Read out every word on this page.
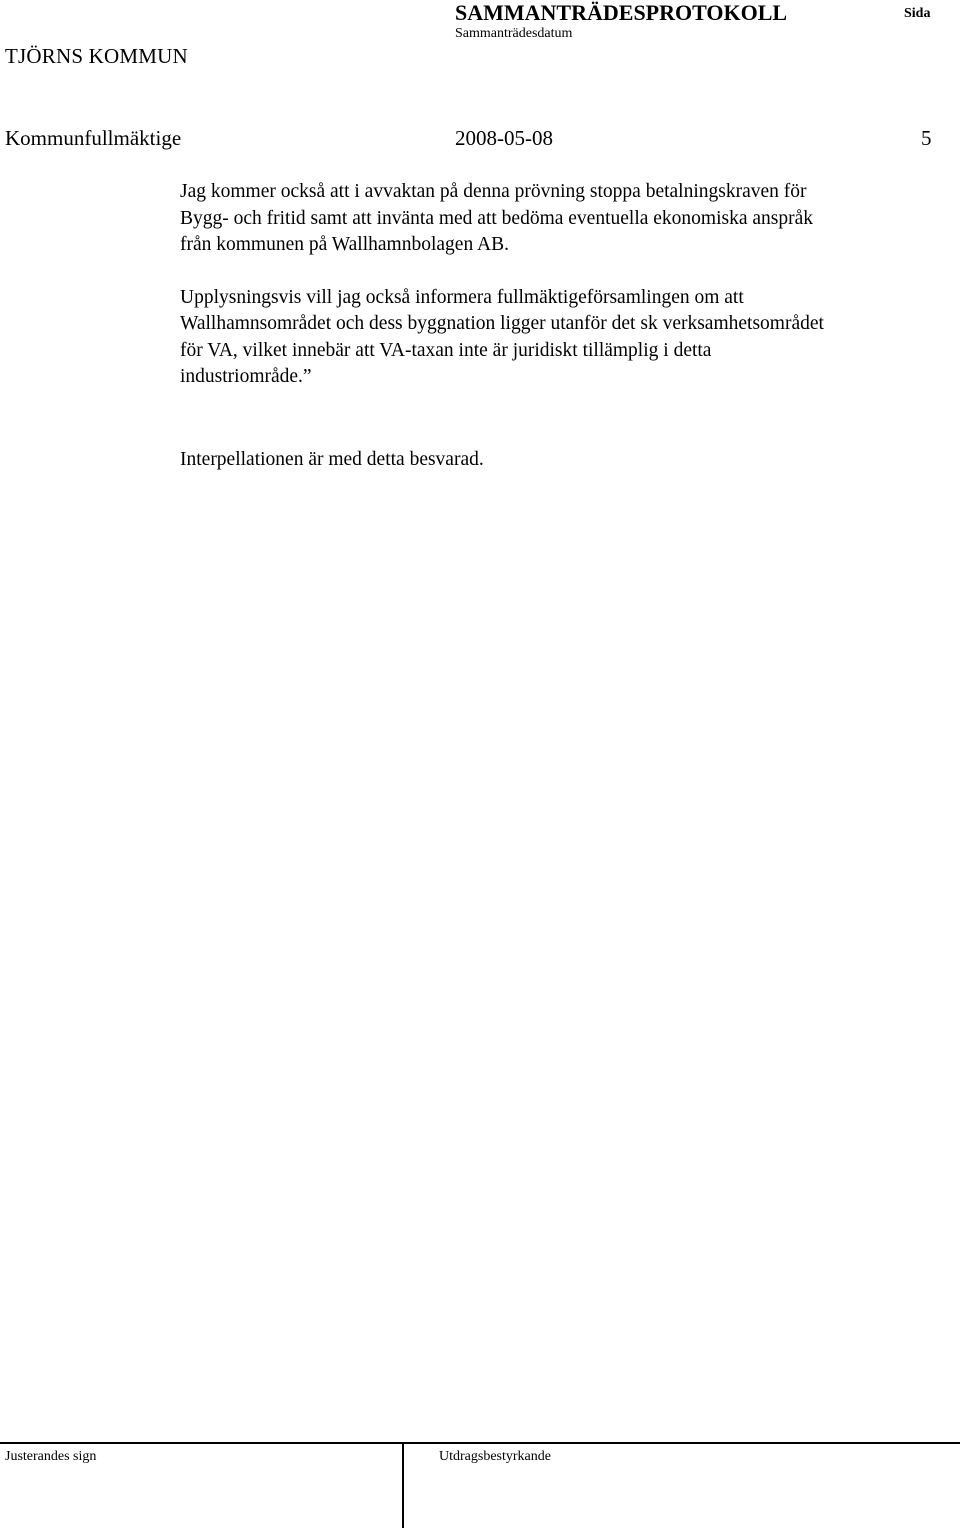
TJÖRNS KOMMUN
SAMMANTRÄDESPROTOKOLL
Sammanträdesdatum
Sida
Kommunfullmäktige	2008-05-08	5

Jag kommer också att i avvaktan på denna prövning stoppa betalningskraven för
Bygg- och fritid samt att invänta med att bedöma eventuella ekonomiska anspråk
från kommunen på Wallhamnbolagen AB.

Upplysningsvis vill jag också informera fullmäktigeförsamlingen om att
Wallhamnsområdet och dess byggnation ligger utanför det sk verksamhetsområdet
för VA, vilket innebär att VA-taxan inte är juridiskt tillämplig i detta
industriområde.”

Interpellationen är med detta besvarad.

Justerandes sign	Utdragsbestyrkande
